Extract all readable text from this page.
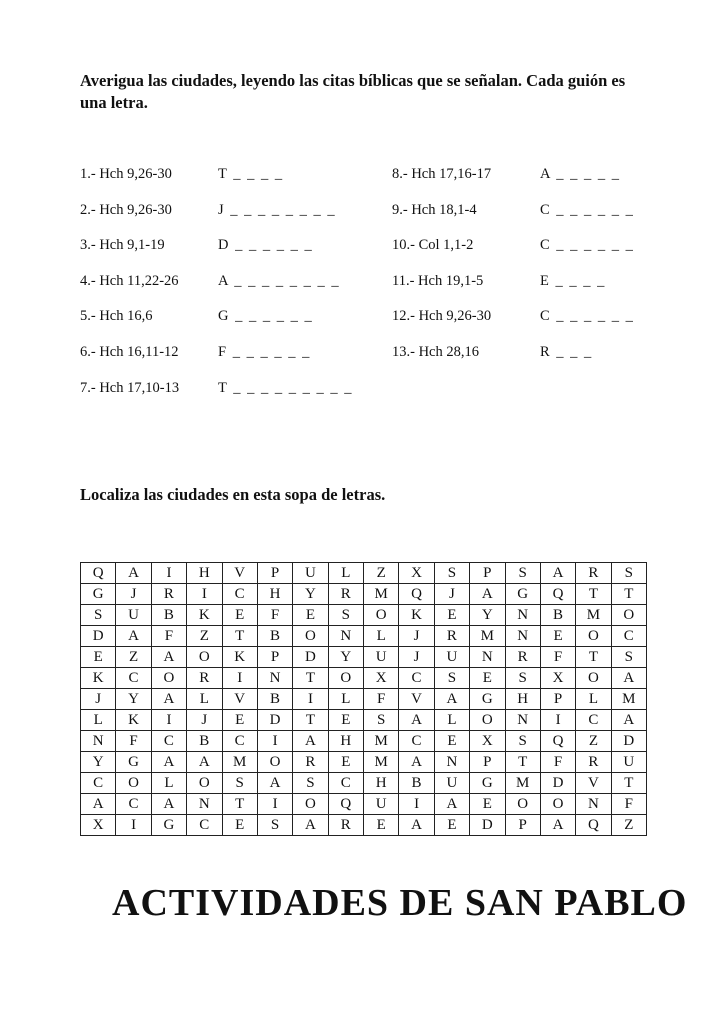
Averigua las ciudades, leyendo las citas bíblicas que se señalan. Cada guión es una letra.
1.- Hch 9,26-30	T _ _ _ _
2.- Hch 9,26-30	J _ _ _ _ _ _ _ _
3.- Hch 9,1-19	D _ _ _ _ _ _
4.- Hch 11,22-26	A _ _ _ _ _ _ _ _
5.- Hch 16,6	G _ _ _ _ _ _
6.- Hch 16,11-12	F _ _ _ _ _ _
7.- Hch 17,10-13	T _ _ _ _ _ _ _ _ _
8.- Hch 17,16-17	A _ _ _ _ _
9.- Hch 18,1-4	C _ _ _ _ _ _
10.- Col 1,1-2	C _ _ _ _ _ _
11.- Hch 19,1-5	E _ _ _ _
12.- Hch 9,26-30	C _ _ _ _ _ _
13.- Hch 28,16	R _ _ _
Localiza las ciudades en esta sopa de letras.
Q	A	I	H	V	P	U	L	Z	X	S	P	S	A	R	S
G	J	R	I	C	H	Y	R	M	Q	J	A	G	Q	T	T
S	U	B	K	E	F	E	S	O	K	E	Y	N	B	M	O
D	A	F	Z	T	B	O	N	L	J	R	M	N	E	O	C
E	Z	A	O	K	P	D	Y	U	J	U	N	R	F	T	S
K	C	O	R	I	N	T	O	X	C	S	E	S	X	O	A
J	Y	A	L	V	B	I	L	F	V	A	G	H	P	L	M
L	K	I	J	E	D	T	E	S	A	L	O	N	I	C	A
N	F	C	B	C	I	A	H	M	C	E	X	S	Q	Z	D
Y	G	A	A	M	O	R	E	M	A	N	P	T	F	R	U
C	O	L	O	S	A	S	C	H	B	U	G	M	D	V	T
A	C	A	N	T	I	O	Q	U	I	A	E	O	O	N	F
X	I	G	C	E	S	A	R	E	A	E	D	P	A	Q	Z
ACTIVIDADES DE SAN PABLO
